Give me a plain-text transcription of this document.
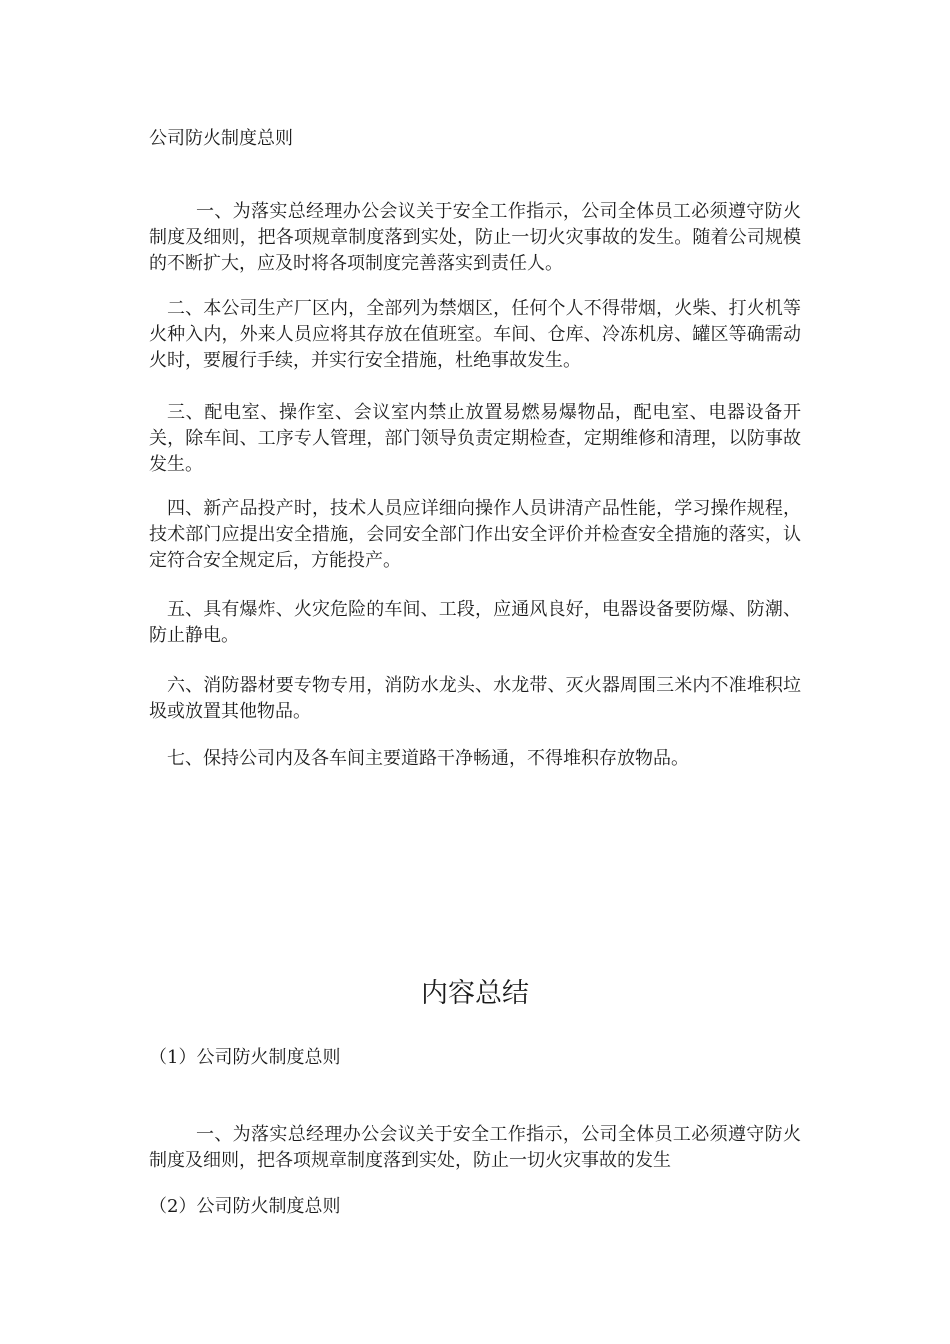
公司防火制度总则

一、为落实总经理办公会议关于安全工作指示，公司全体员工必须遵守防火制度及细则，把各项规章制度落到实处，防止一切火灾事故的发生。随着公司规模的不断扩大，应及时将各项制度完善落实到责任人。

二、本公司生产厂区内，全部列为禁烟区，任何个人不得带烟，火柴、打火机等火种入内，外来人员应将其存放在值班室。车间、仓库、冷冻机房、罐区等确需动火时，要履行手续，并实行安全措施，杜绝事故发生。

三、配电室、操作室、会议室内禁止放置易燃易爆物品，配电室、电器设备开关，除车间、工序专人管理，部门领导负责定期检查，定期维修和清理，以防事故发生。

四、新产品投产时，技术人员应详细向操作人员讲清产品性能，学习操作规程，技术部门应提出安全措施，会同安全部门作出安全评价并检查安全措施的落实，认定符合安全规定后，方能投产。

五、具有爆炸、火灾危险的车间、工段，应通风良好，电器设备要防爆、防潮、防止静电。

六、消防器材要专物专用，消防水龙头、水龙带、灭火器周围三米内不准堆积垃圾或放置其他物品。

七、保持公司内及各车间主要道路干净畅通，不得堆积存放物品。

内容总结
（1）公司防火制度总则

一、为落实总经理办公会议关于安全工作指示，公司全体员工必须遵守防火制度及细则，把各项规章制度落到实处，防止一切火灾事故的发生

（2）公司防火制度总则
